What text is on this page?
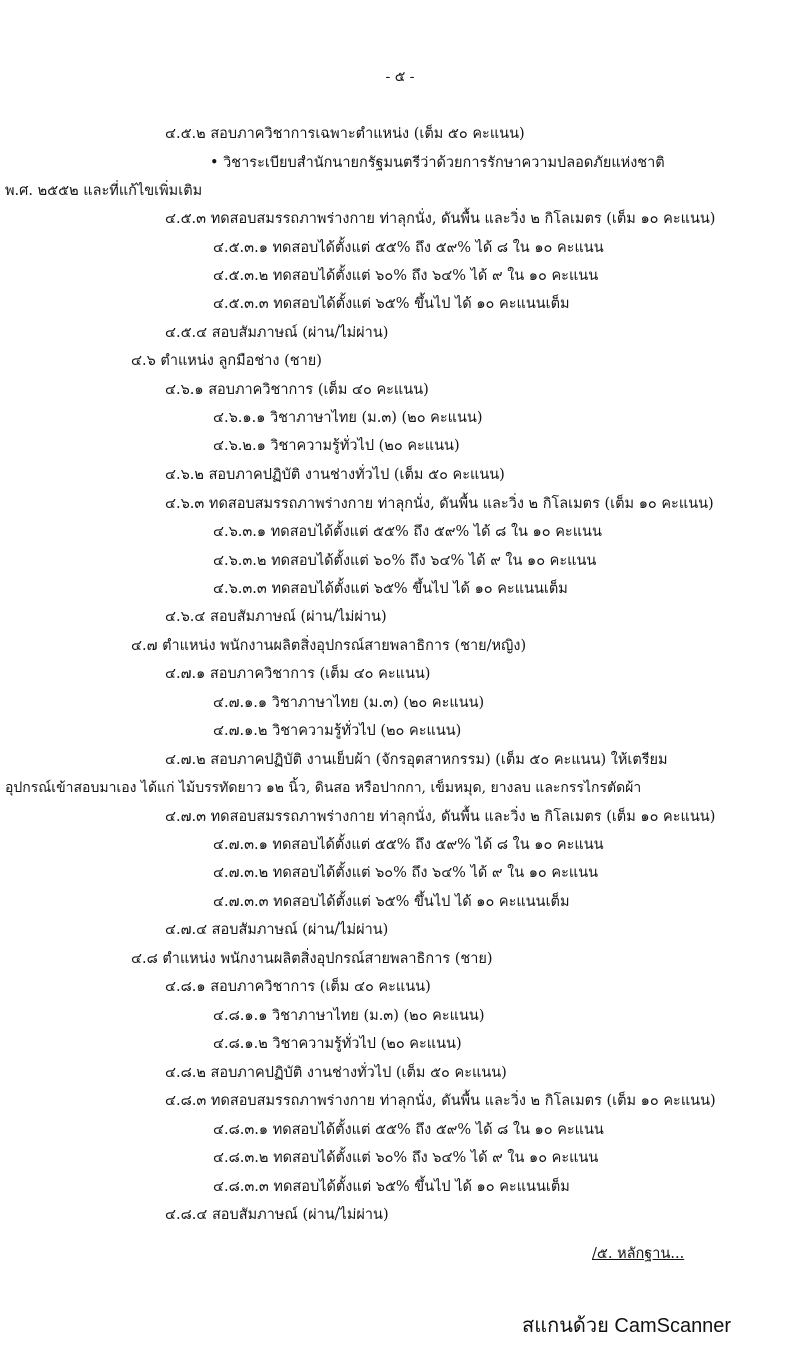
- ๕ -
๔.๕.๒ สอบภาควิชาการเฉพาะตำแหน่ง (เต็ม ๕๐ คะแนน)
• วิชาระเบียบสำนักนายกรัฐมนตรีว่าด้วยการรักษาความปลอดภัยแห่งชาติ
พ.ศ. ๒๕๕๒ และที่แก้ไขเพิ่มเติม
๔.๕.๓ ทดสอบสมรรถภาพร่างกาย ท่าลุกนั่ง, ดันพื้น และวิ่ง ๒ กิโลเมตร (เต็ม ๑๐ คะแนน)
๔.๕.๓.๑ ทดสอบได้ตั้งแต่ ๕๕% ถึง ๕๙% ได้ ๘ ใน ๑๐ คะแนน
๔.๕.๓.๒ ทดสอบได้ตั้งแต่ ๖๐% ถึง ๖๔% ได้ ๙ ใน ๑๐ คะแนน
๔.๕.๓.๓ ทดสอบได้ตั้งแต่ ๖๕% ขึ้นไป ได้ ๑๐ คะแนนเต็ม
๔.๕.๔ สอบสัมภาษณ์ (ผ่าน/ไม่ผ่าน)
๔.๖ ตำแหน่ง ลูกมือช่าง (ชาย)
๔.๖.๑ สอบภาควิชาการ (เต็ม ๔๐ คะแนน)
๔.๖.๑.๑ วิชาภาษาไทย (ม.๓) (๒๐ คะแนน)
๔.๖.๒.๑ วิชาความรู้ทั่วไป (๒๐ คะแนน)
๔.๖.๒ สอบภาคปฏิบัติ งานช่างทั่วไป (เต็ม ๕๐ คะแนน)
๔.๖.๓ ทดสอบสมรรถภาพร่างกาย ท่าลุกนั่ง, ดันพื้น และวิ่ง ๒ กิโลเมตร (เต็ม ๑๐ คะแนน)
๔.๖.๓.๑ ทดสอบได้ตั้งแต่ ๕๕% ถึง ๕๙% ได้ ๘ ใน ๑๐ คะแนน
๔.๖.๓.๒ ทดสอบได้ตั้งแต่ ๖๐% ถึง ๖๔% ได้ ๙ ใน ๑๐ คะแนน
๔.๖.๓.๓ ทดสอบได้ตั้งแต่ ๖๕% ขึ้นไป ได้ ๑๐ คะแนนเต็ม
๔.๖.๔ สอบสัมภาษณ์ (ผ่าน/ไม่ผ่าน)
๔.๗ ตำแหน่ง พนักงานผลิตสิ่งอุปกรณ์สายพลาธิการ (ชาย/หญิง)
๔.๗.๑ สอบภาควิชาการ (เต็ม ๔๐ คะแนน)
๔.๗.๑.๑ วิชาภาษาไทย (ม.๓) (๒๐ คะแนน)
๔.๗.๑.๒ วิชาความรู้ทั่วไป (๒๐ คะแนน)
๔.๗.๒ สอบภาคปฏิบัติ งานเย็บผ้า (จักรอุตสาหกรรม) (เต็ม ๕๐ คะแนน) ให้เตรียม
อุปกรณ์เข้าสอบมาเอง ได้แก่ ไม้บรรทัดยาว ๑๒ นิ้ว, ดินสอ หรือปากกา, เข็มหมุด, ยางลบ และกรรไกรตัดผ้า
๔.๗.๓ ทดสอบสมรรถภาพร่างกาย ท่าลุกนั่ง, ดันพื้น และวิ่ง ๒ กิโลเมตร (เต็ม ๑๐ คะแนน)
๔.๗.๓.๑ ทดสอบได้ตั้งแต่ ๕๕% ถึง ๕๙% ได้ ๘ ใน ๑๐ คะแนน
๔.๗.๓.๒ ทดสอบได้ตั้งแต่ ๖๐% ถึง ๖๔% ได้ ๙ ใน ๑๐ คะแนน
๔.๗.๓.๓ ทดสอบได้ตั้งแต่ ๖๕% ขึ้นไป ได้ ๑๐ คะแนนเต็ม
๔.๗.๔ สอบสัมภาษณ์ (ผ่าน/ไม่ผ่าน)
๔.๘ ตำแหน่ง พนักงานผลิตสิ่งอุปกรณ์สายพลาธิการ (ชาย)
๔.๘.๑ สอบภาควิชาการ (เต็ม ๔๐ คะแนน)
๔.๘.๑.๑ วิชาภาษาไทย (ม.๓) (๒๐ คะแนน)
๔.๘.๑.๒ วิชาความรู้ทั่วไป (๒๐ คะแนน)
๔.๘.๒ สอบภาคปฏิบัติ งานช่างทั่วไป (เต็ม ๕๐ คะแนน)
๔.๘.๓ ทดสอบสมรรถภาพร่างกาย ท่าลุกนั่ง, ดันพื้น และวิ่ง ๒ กิโลเมตร (เต็ม ๑๐ คะแนน)
๔.๘.๓.๑ ทดสอบได้ตั้งแต่ ๕๕% ถึง ๕๙% ได้ ๘ ใน ๑๐ คะแนน
๔.๘.๓.๒ ทดสอบได้ตั้งแต่ ๖๐% ถึง ๖๔% ได้ ๙ ใน ๑๐ คะแนน
๔.๘.๓.๓ ทดสอบได้ตั้งแต่ ๖๕% ขึ้นไป ได้ ๑๐ คะแนนเต็ม
๔.๘.๔ สอบสัมภาษณ์ (ผ่าน/ไม่ผ่าน)
/๕. หลักฐาน...
สแกนด้วย CamScanner
